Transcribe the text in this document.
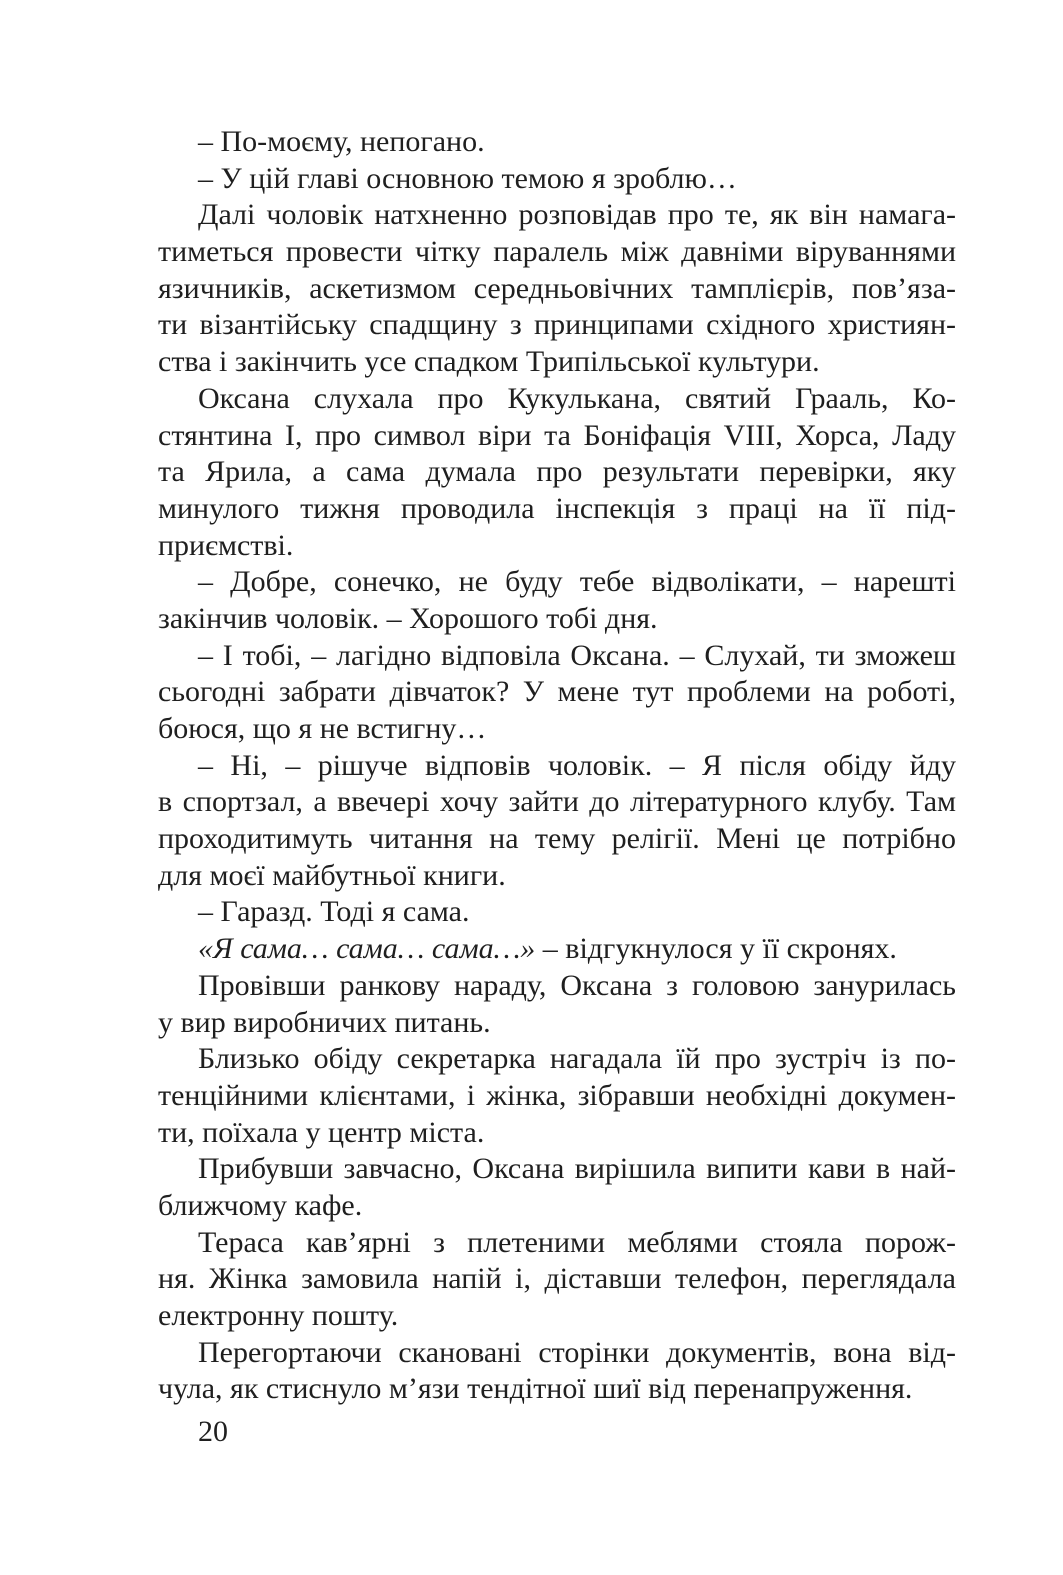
– По-моєму, непогано.
– У цій главі основною темою я зроблю…
Далі чоловік натхненно розповідав про те, як він намага-
тиметься провести чітку паралель між давніми віруваннями
язичників, аскетизмом середньовічних тамплієрів, пов’яза-
ти візантійську спадщину з принципами східного християн-
ства і закінчить усе спадком Трипільської культури.
Оксана слухала про Кукулькана, святий Грааль, Ко-
стянтина І, про символ віри та Боніфація VIII, Хорса, Ладу
та Ярила, а сама думала про результати перевірки, яку
минулого тижня проводила інспекція з праці на її під-
приємстві.
– Добре, сонечко, не буду тебе відволікати, – нарешті
закінчив чоловік. – Хорошого тобі дня.
– І тобі, – лагідно відповіла Оксана. – Слухай, ти зможеш
сьогодні забрати дівчаток? У мене тут проблеми на роботі,
боюся, що я не встигну…
– Ні, – рішуче відповів чоловік. – Я після обіду йду
в спортзал, а ввечері хочу зайти до літературного клубу. Там
проходитимуть читання на тему релігії. Мені це потрібно
для моєї майбутньої книги.
– Гаразд. Тоді я сама.
«Я сама… сама… сама…» – відгукнулося у її скронях.
Провівши ранкову нараду, Оксана з головою занурилась
у вир виробничих питань.
Близько обіду секретарка нагадала їй про зустріч із по-
тенційними клієнтами, і жінка, зібравши необхідні докумен-
ти, поїхала у центр міста.
Прибувши завчасно, Оксана вирішила випити кави в най-
ближчому кафе.
Тераса кав’ярні з плетеними меблями стояла порож-
ня. Жінка замовила напій і, діставши телефон, переглядала
електронну пошту.
Перегортаючи скановані сторінки документів, вона від-
чула, як стиснуло м’язи тендітної шиї від перенапруження.
20
